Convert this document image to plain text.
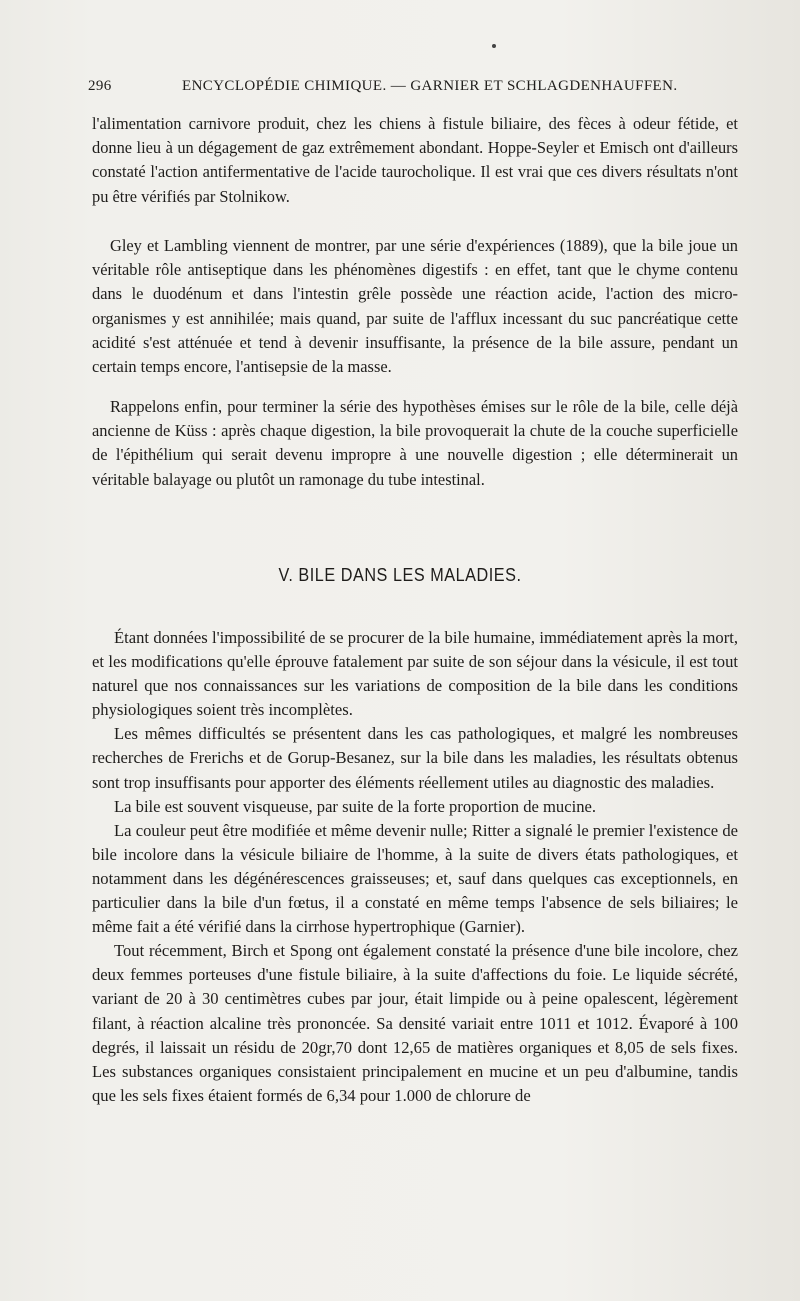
296	ENCYCLOPÉDIE CHIMIQUE. — GARNIER ET SCHLAGDENHAUFFEN.

l'alimentation carnivore produit, chez les chiens à fistule biliaire, des fèces à odeur fétide, et donne lieu à un dégagement de gaz extrêmement abondant. Hoppe-Seyler et Emisch ont d'ailleurs constaté l'action antifermentative de l'acide taurocholique. Il est vrai que ces divers résultats n'ont pu être vérifiés par Stolnikow.

Gley et Lambling viennent de montrer, par une série d'expériences (1889), que la bile joue un véritable rôle antiseptique dans les phénomènes digestifs : en effet, tant que le chyme contenu dans le duodénum et dans l'intestin grêle possède une réaction acide, l'action des micro-organismes y est annihilée; mais quand, par suite de l'afflux incessant du suc pancréatique cette acidité s'est atténuée et tend à devenir insuffisante, la présence de la bile assure, pendant un certain temps encore, l'antisepsie de la masse.

Rappelons enfin, pour terminer la série des hypothèses émises sur le rôle de la bile, celle déjà ancienne de Küss : après chaque digestion, la bile provoquerait la chute de la couche superficielle de l'épithélium qui serait devenu impropre à une nouvelle digestion ; elle déterminerait un véritable balayage ou plutôt un ramonage du tube intestinal.

V. BILE DANS LES MALADIES.

Étant données l'impossibilité de se procurer de la bile humaine, immédiatement après la mort, et les modifications qu'elle éprouve fatalement par suite de son séjour dans la vésicule, il est tout naturel que nos connaissances sur les variations de composition de la bile dans les conditions physiologiques soient très incomplètes.

Les mêmes difficultés se présentent dans les cas pathologiques, et malgré les nombreuses recherches de Frerichs et de Gorup-Besanez, sur la bile dans les maladies, les résultats obtenus sont trop insuffisants pour apporter des éléments réellement utiles au diagnostic des maladies.

La bile est souvent visqueuse, par suite de la forte proportion de mucine.

La couleur peut être modifiée et même devenir nulle; Ritter a signalé le premier l'existence de bile incolore dans la vésicule biliaire de l'homme, à la suite de divers états pathologiques, et notamment dans les dégénérescences graisseuses; et, sauf dans quelques cas exceptionnels, en particulier dans la bile d'un fœtus, il a constaté en même temps l'absence de sels biliaires; le même fait a été vérifié dans la cirrhose hypertrophique (Garnier).

Tout récemment, Birch et Spong ont également constaté la présence d'une bile incolore, chez deux femmes porteuses d'une fistule biliaire, à la suite d'affections du foie. Le liquide sécrété, variant de 20 à 30 centimètres cubes par jour, était limpide ou à peine opalescent, légèrement filant, à réaction alcaline très prononcée. Sa densité variait entre 1011 et 1012. Évaporé à 100 degrés, il laissait un résidu de 20gr,70 dont 12,65 de matières organiques et 8,05 de sels fixes. Les substances organiques consistaient principalement en mucine et un peu d'albumine, tandis que les sels fixes étaient formés de 6,34 pour 1.000 de chlorure de
